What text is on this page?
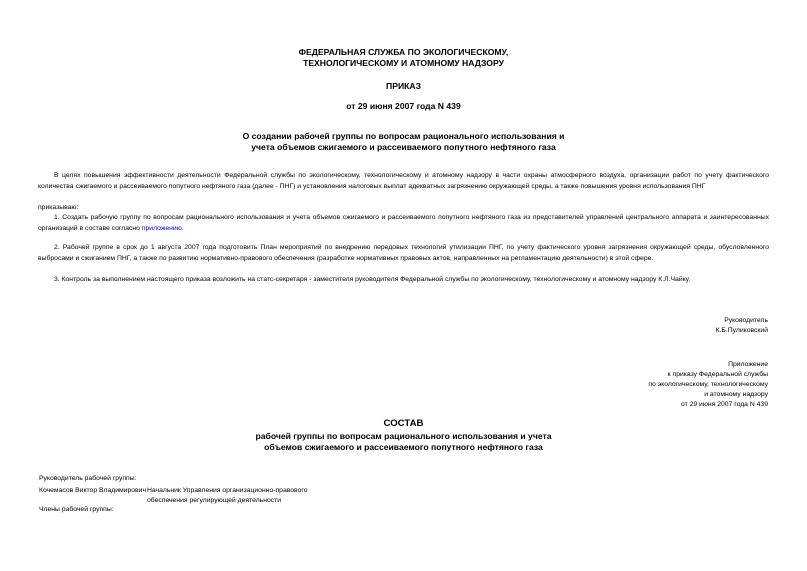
ФЕДЕРАЛЬНАЯ СЛУЖБА ПО ЭКОЛОГИЧЕСКОМУ,
ТЕХНОЛОГИЧЕСКОМУ И АТОМНОМУ НАДЗОРУ
ПРИКАЗ
от 29 июня 2007 года N 439
О создании рабочей группы по вопросам рационального использования и
учета объемов сжигаемого и рассеиваемого попутного нефтяного газа
В целях повышения эффективности деятельности Федеральной службы по экологическому, технологическому и атомному надзору в части охраны атмосферного воздуха, организации работ по учету фактического количества сжигаемого и рассеиваемого попутного нефтяного газа (далее - ПНГ) и установления налоговых выплат адекватных загрязнению окружающей среды, а также повышения уровня использования ПНГ
приказываю:
1. Создать рабочую группу по вопросам рационального использования и учета объемов сжигаемого и рассеиваемого попутного нефтяного газа из представителей управлений центрального аппарата и заинтересованных организаций в составе согласно приложению.
2. Рабочей группе в срок до 1 августа 2007 года подготовить План мероприятий по внедрению передовых технологий утилизации ПНГ, по учету фактического уровня загрязнения окружающей среды, обусловленного выбросами и сжиганием ПНГ, а также по развитию нормативно-правового обеспечения (разработке нормативных правовых актов, направленных на регламентацию деятельности) в этой сфере.
3. Контроль за выполнением настоящего приказа возложить на статс-секретаря - заместителя руководителя Федеральной службы по экологическому, технологическому и атомному надзору К.Л.Чайку.
Руководитель
К.Б.Пуликовский
Приложение
к приказу Федеральной службы
по экологическому, технологическому
и атомному надзору
от 29 июня 2007 года N 439
СОСТАВ
рабочей группы по вопросам рационального использования и учета
объемов сжигаемого и рассеиваемого попутного нефтяного газа
Руководитель рабочей группы:
Кочемасов Виктор Владимирович Начальник Управления организационно-правового
обеспечения регулирующей деятельности
Члены рабочей группы:
